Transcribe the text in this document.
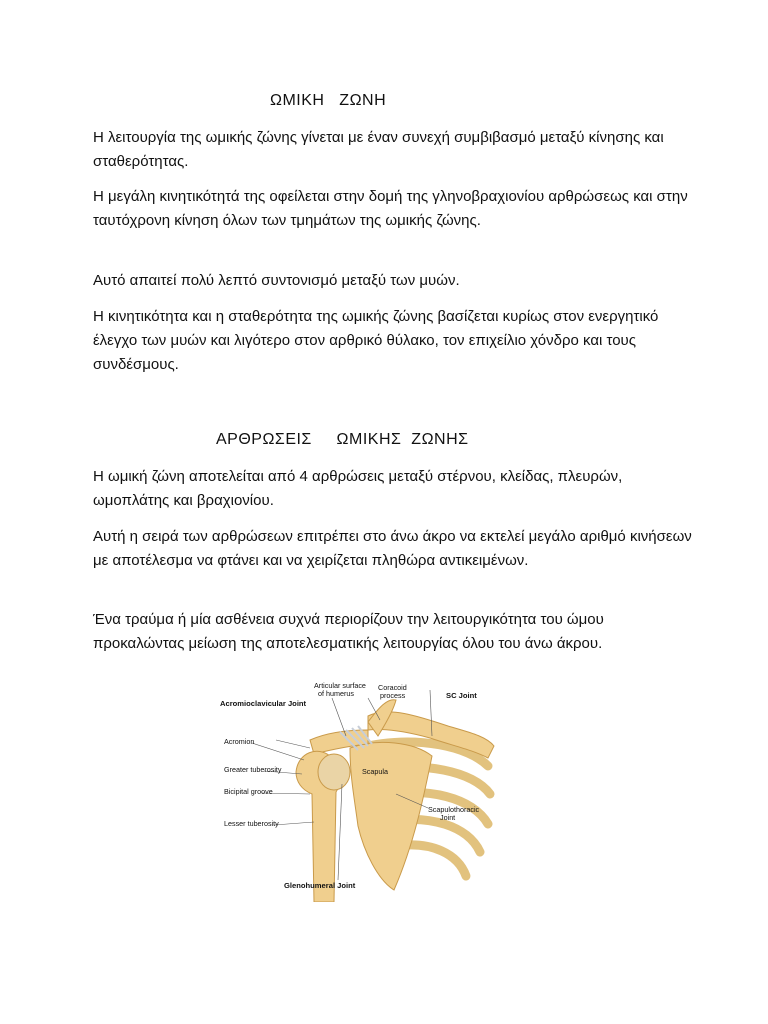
ΩΜΙΚΗ   ΖΩΝΗ

Η λειτουργία της ωμικής ζώνης γίνεται με έναν συνεχή συμβιβασμό μεταξύ κίνησης και σταθερότητας.

Η μεγάλη κινητικότητά της οφείλεται στην δομή της γληνοβραχιονίου αρθρώσεως και στην ταυτόχρονη κίνηση όλων των τμημάτων της ωμικής ζώνης.

Αυτό απαιτεί πολύ λεπτό συντονισμό μεταξύ των μυών.

Η κινητικότητα και η σταθερότητα της ωμικής ζώνης βασίζεται κυρίως στον ενεργητικό έλεγχο των μυών και λιγότερο στον αρθρικό θύλακο, τον επιχείλιο χόνδρο και τους συνδέσμους.

ΑΡΘΡΩΣΕΙΣ     ΩΜΙΚΗΣ  ΖΩΝΗΣ

Η ωμική ζώνη αποτελείται από 4 αρθρώσεις μεταξύ στέρνου, κλείδας, πλευρών, ωμοπλάτης και βραχιονίου.

Αυτή η σειρά των αρθρώσεων επιτρέπει στο άνω άκρο να εκτελεί μεγάλο αριθμό κινήσεων με αποτέλεσμα να φτάνει και να χειρίζεται πληθώρα αντικειμένων.

Ένα τραύμα ή μία ασθένεια συχνά περιορίζουν την λειτουργικότητα του ώμου προκαλώντας μείωση της αποτελεσματικής λειτουργίας όλου του άνω άκρου.

Acromioclavicular Joint
Articular surface
of humerus
Coracoid
process	SC Joint
Acromion
Greater tuberosity
Bicipital groove
Lesser tuberosity
Scapula
Scapulothoracic
Joint
Glenohumeral Joint
